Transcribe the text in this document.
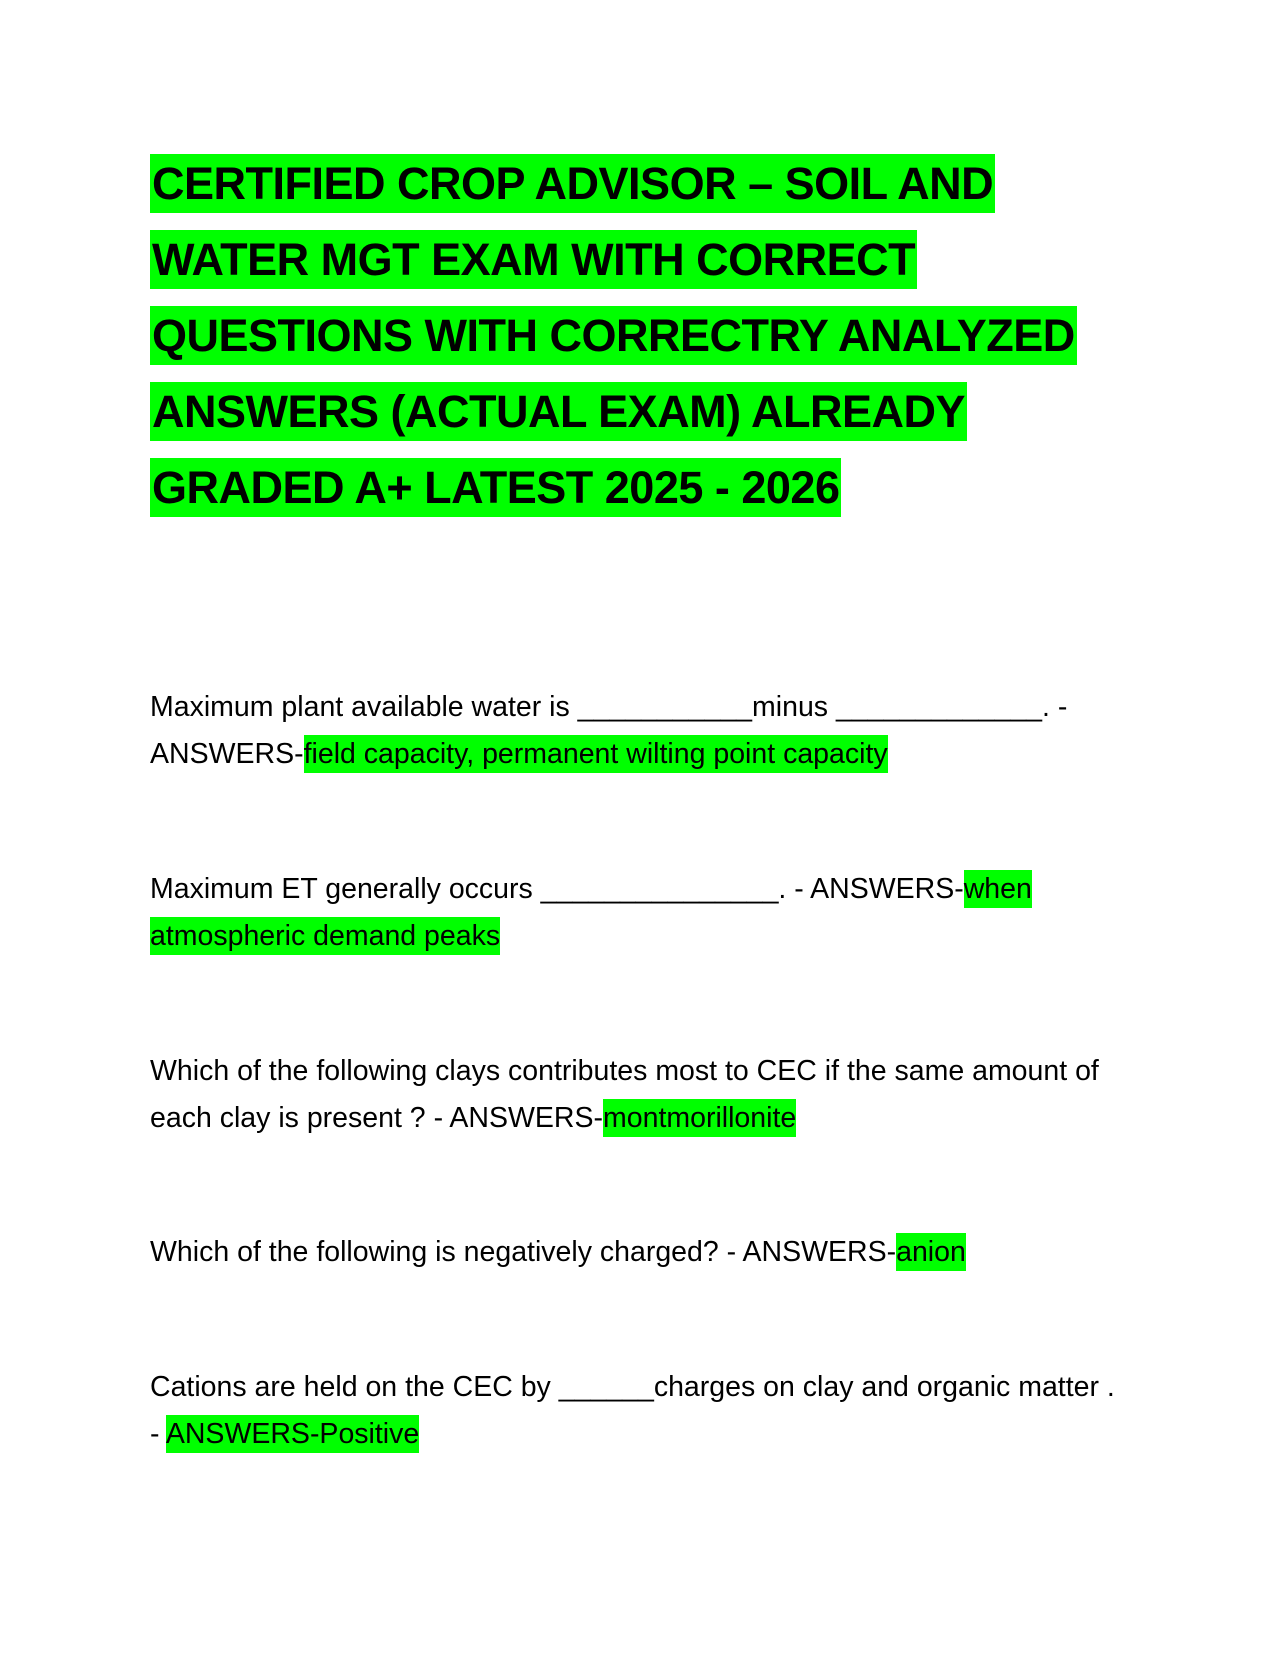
CERTIFIED CROP ADVISOR – SOIL AND WATER MGT EXAM WITH CORRECT QUESTIONS WITH CORRECTRY ANALYZED ANSWERS (ACTUAL EXAM) ALREADY GRADED A+ LATEST 2025 - 2026

Maximum plant available water is ___________minus _____________. - ANSWERS-field capacity, permanent wilting point capacity

Maximum ET generally occurs _______________. - ANSWERS-when atmospheric demand peaks

Which of the following clays contributes most to CEC if the same amount of each clay is present ? - ANSWERS-montmorillonite

Which of the following is negatively charged? - ANSWERS-anion

Cations are held on the CEC by ______charges on clay and organic matter . - ANSWERS-Positive
